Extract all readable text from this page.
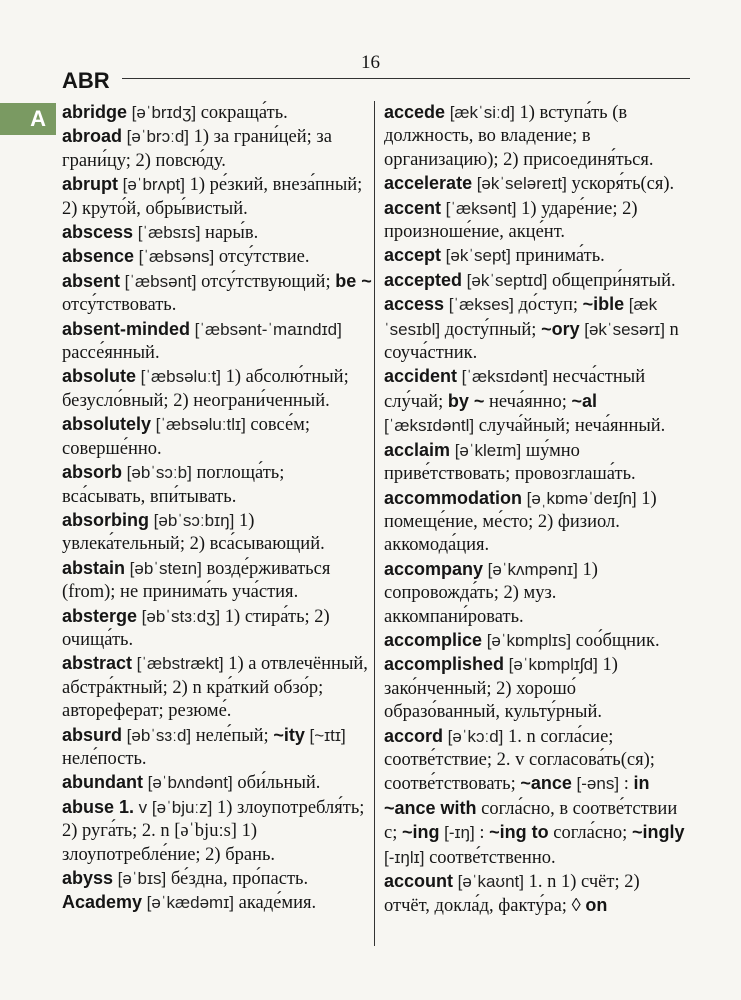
16
ABR
A abridge [əˈbrɪdʒ] сокраща́ть.

abroad [əˈbrɔːd] 1) за грани́цей; за грани́цу; 2) повсю́ду.

abrupt [əˈbrʌpt] 1) ре́зкий, внеза́пный; 2) круто́й, обры́вистый.

abscess [ˈæbsɪs] нары́в.

absence [ˈæbsəns] отсу́тствие.

absent [ˈæbsənt] отсу́тствующий; be ~ отсу́тствовать.

absent-minded [ˈæbsənt-ˈmaɪndɪd] рассе́янный.

absolute [ˈæbsəluːt] 1) абсолю́тный; безусло́вный; 2) неограни́ченный.

absolutely [ˈæbsəluːtlɪ] совсе́м; соверше́нно.

absorb [əbˈsɔːb] поглоща́ть; вса́сывать, впи́тывать.

absorbing [əbˈsɔːbɪŋ] 1) увлека́тельный; 2) вса́сывающий.

abstain [əbˈsteɪn] возде́рживаться (from); не принима́ть уча́стия.

absterge [əbˈstɜːdʒ] 1) стира́ть; 2) очища́ть.

abstract [ˈæbstrækt] 1) a отвлечённый, абстра́ктный; 2) n кра́ткий обзо́р; автореферат; резюме́.

absurd [əbˈsɜːd] неле́пый; ~ity [~ɪtɪ] неле́пость.

abundant [əˈbʌndənt] оби́льный.

abuse 1. v [əˈbjuːz] 1) злоупотребля́ть; 2) руга́ть; 2. n [əˈbjuːs] 1) злоупотребле́ние; 2) брань.

abyss [əˈbɪs] бе́здна, про́пасть.

Academy [əˈkædəmɪ] акаде́мия.

accede [ækˈsiːd] 1) вступа́ть (в должность, во владение; в организацию); 2) присоединя́ться.

accelerate [əkˈseləreɪt] ускоря́ть(ся).

accent [ˈæksənt] 1) ударе́ние; 2) произноше́ние, акце́нт.

accept [əkˈsept] принима́ть.

accepted [əkˈseptɪd] общепри́нятый.

access [ˈækses] до́ступ; ~ible [ækˈsesɪbl] досту́пный; ~ory [əkˈsesərɪ] n соуча́стник.

accident [ˈæksɪdənt] несча́стный слу́чай; by ~ неча́янно; ~al [ˈæksɪdəntl] случа́йный; неча́янный.

acclaim [əˈkleɪm] шу́мно приве́тствовать; провозглаша́ть.

accommodation [əˌkɒməˈdeɪʃn] 1) помеще́ние, ме́сто; 2) физиол. аккомода́ция.

accompany [əˈkʌmpənɪ] 1) сопровожда́ть; 2) муз. аккомпани́ровать.

accomplice [əˈkɒmplɪs] соо́бщник.

accomplished [əˈkɒmplɪʃd] 1) зако́нченный; 2) хорошо́ образо́ванный, культу́рный.

accord [əˈkɔːd] 1. n согла́сие; соотве́тствие; 2. v согласова́ть(ся); соотве́тствовать; ~ance [-əns] : in ~ance with согла́сно, в соотве́тствии с; ~ing [-ɪŋ] : ~ing to согла́сно; ~ingly [-ɪŋlɪ] соотве́тственно.

account [əˈkaʊnt] 1. n 1) счёт; 2) отчёт, докла́д, факту́ра; ◊ on
